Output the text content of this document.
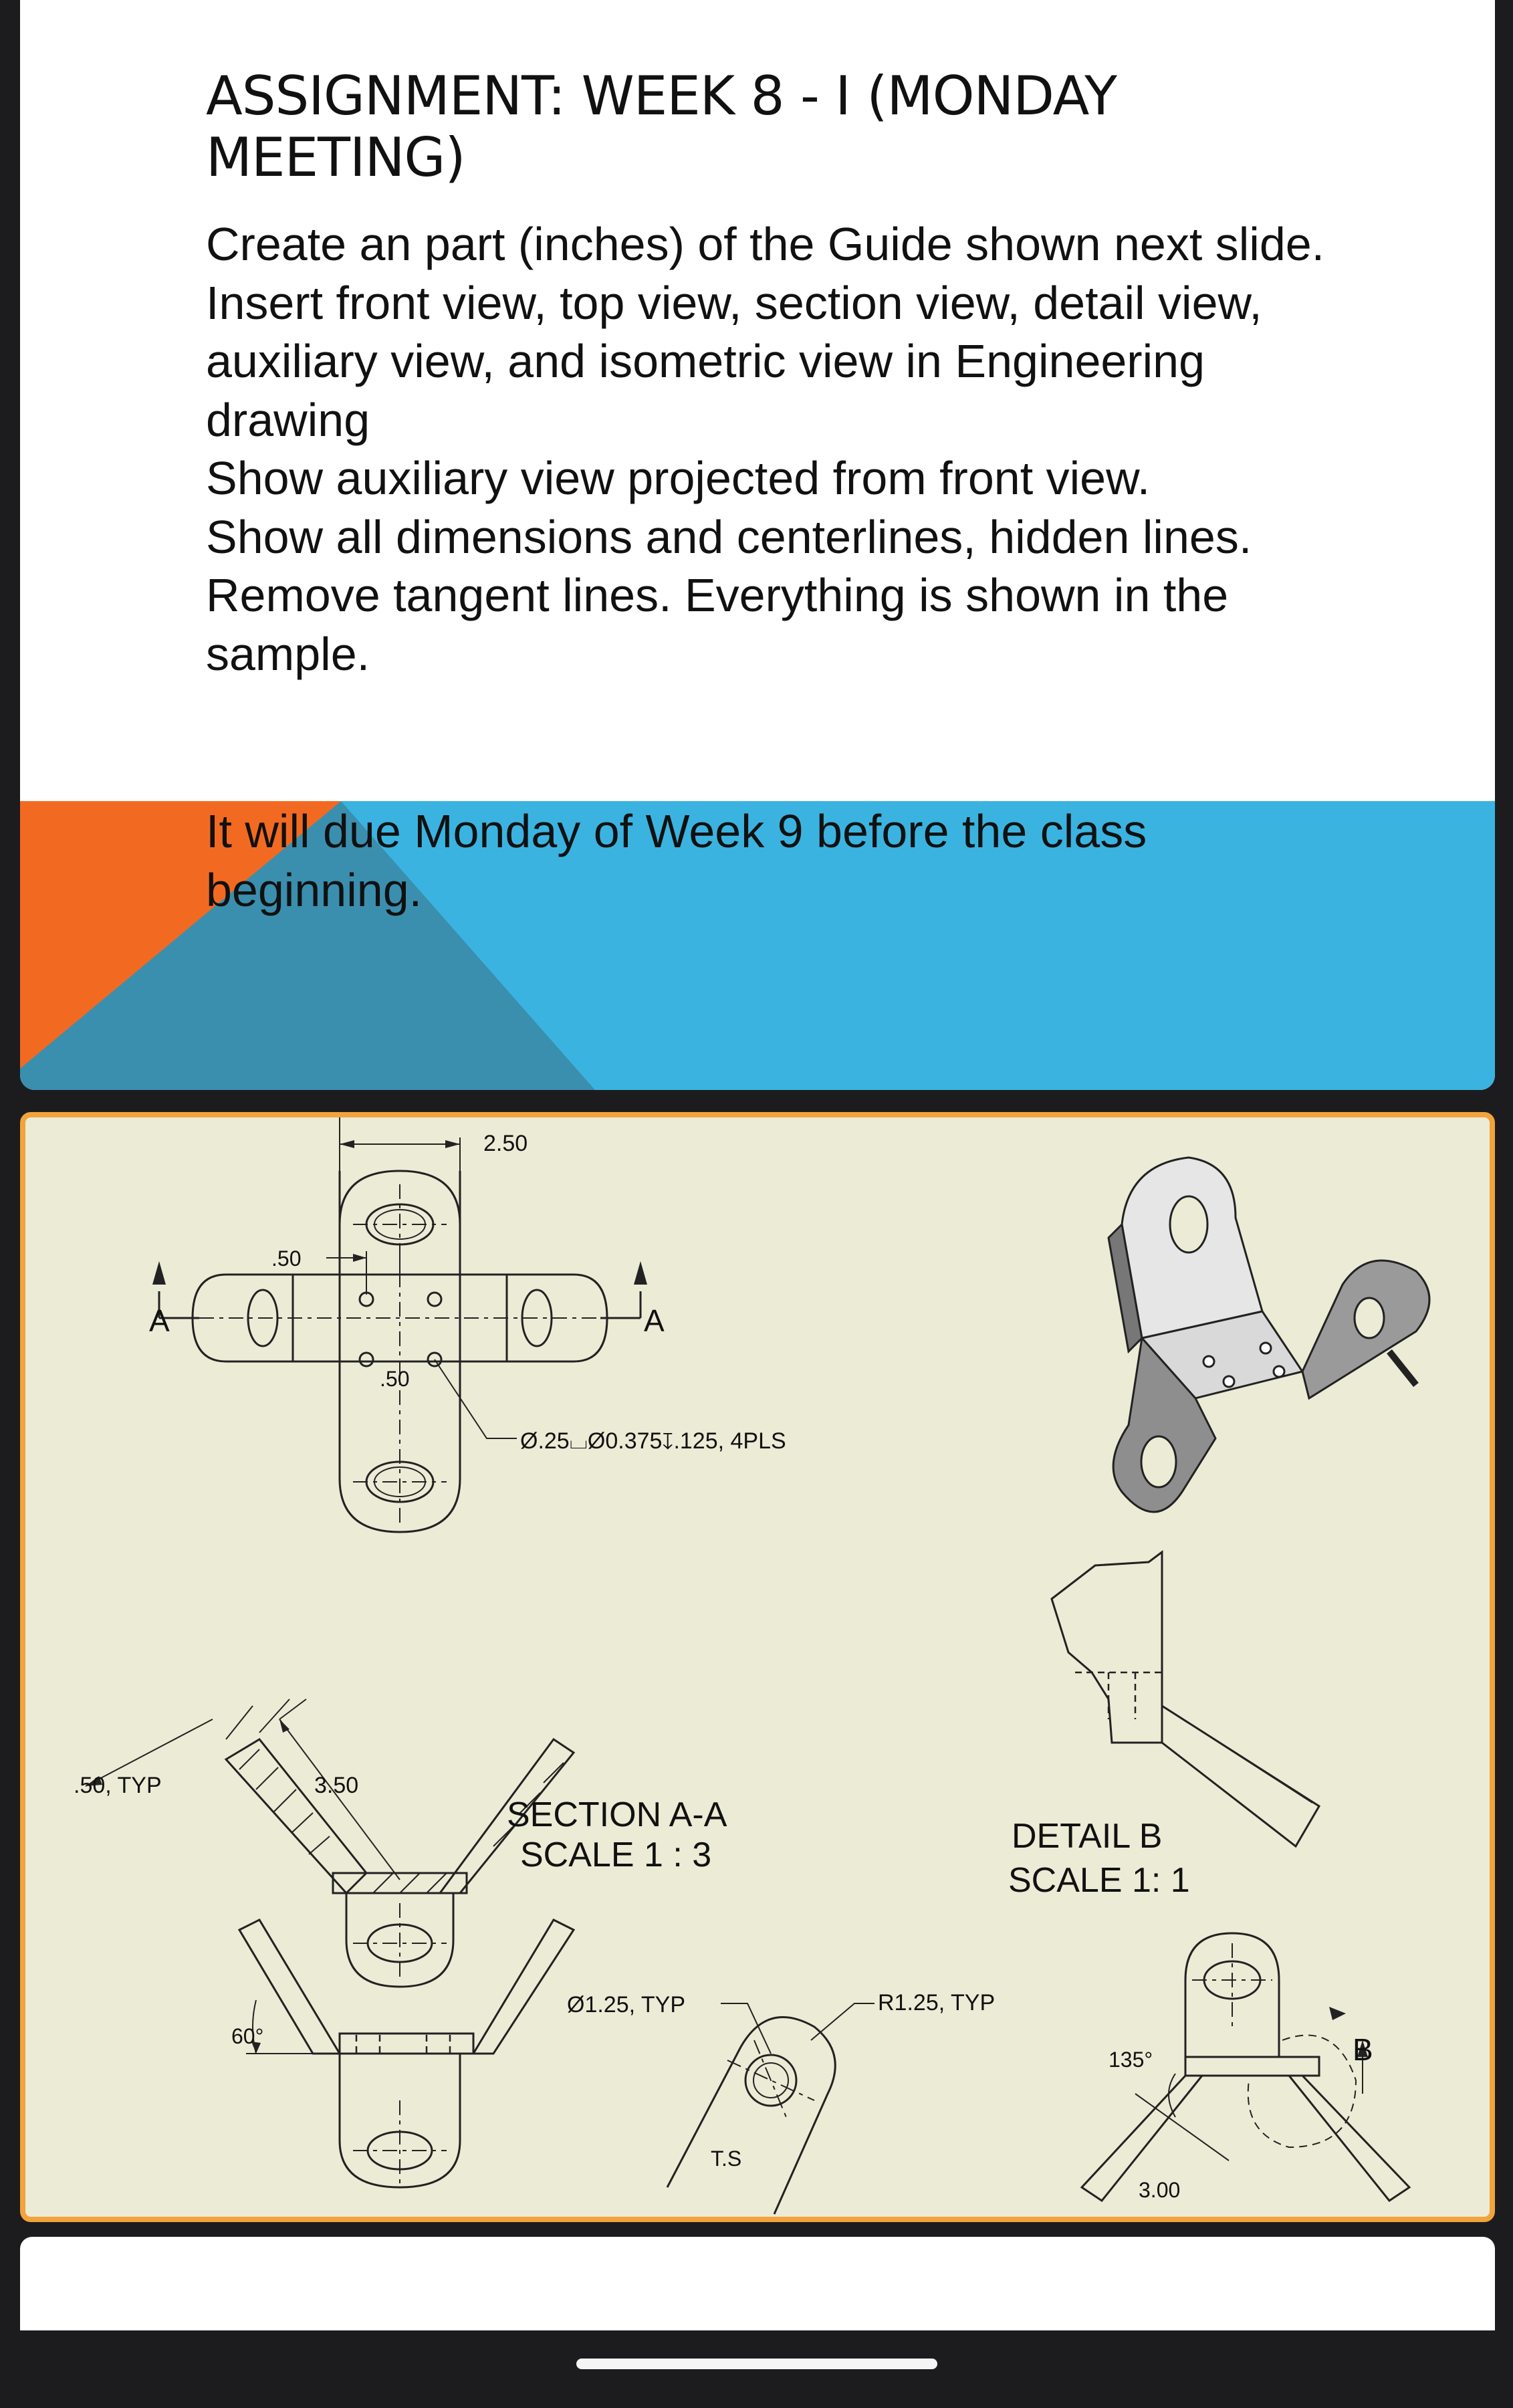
ASSIGNMENT: WEEK 8 - I (MONDAY MEETING)

Create an part (inches) of the Guide shown next slide.

Insert front view, top view, section view, detail view, auxiliary view, and isometric view in Engineering drawing

Show auxiliary view projected from front view.

Show all dimensions and centerlines, hidden lines. Remove tangent lines. Everything is shown in the sample.

It will due Monday of Week 9 before the class beginning.

2.50
.50
.50
Ø.25⌴Ø0.375↧.125, 4PLS
A	A
.50, TYP	3.50
SECTION A-A
SCALE 1 : 3
60°
Ø1.25, TYP	R1.25, TYP
T.S
DETAIL B
SCALE 1: 1
135°
3.00
B
